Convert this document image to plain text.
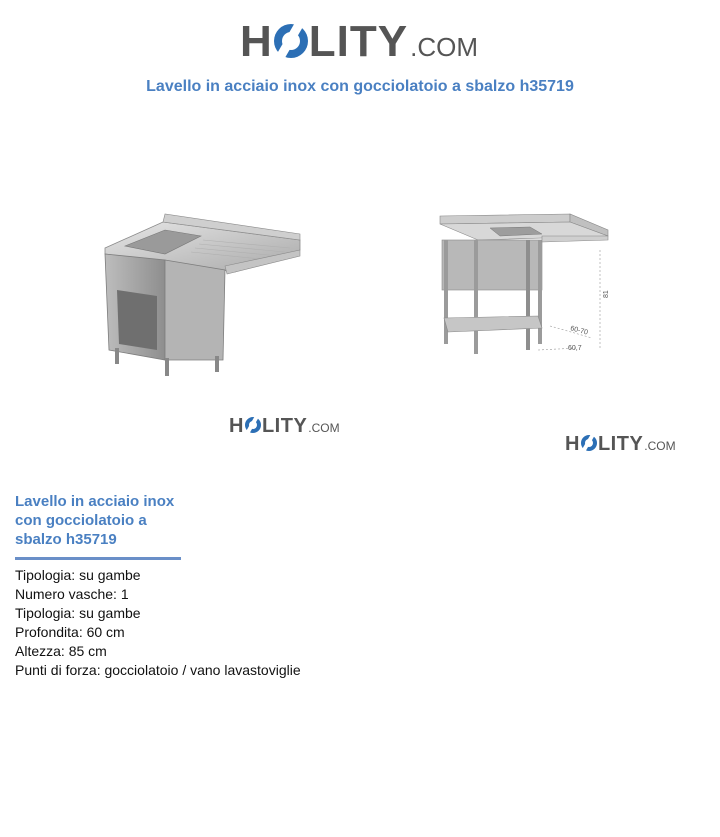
H LITY .COM
Lavello in acciaio inox con gocciolatoio a sbalzo h35719
H LITY .COM
81
60-70
60,7
H LITY .COM
Lavello in acciaio inox con gocciolatoio a sbalzo h35719
Tipologia: su gambe
Numero vasche: 1
Tipologia: su gambe
Profondita: 60 cm
Altezza: 85 cm
Punti di forza: gocciolatoio / vano lavastoviglie
